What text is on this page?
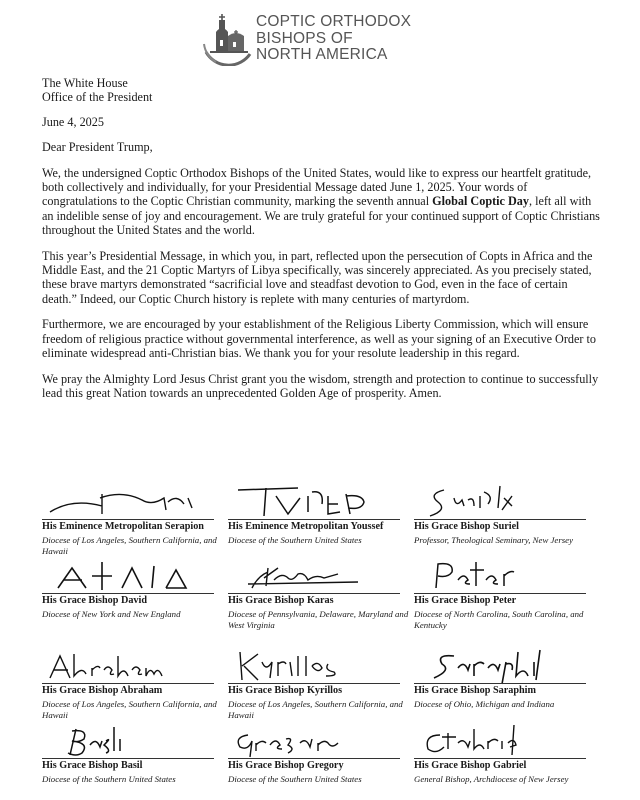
COPTIC ORTHODOX
BISHOPS OF
NORTH AMERICA

The White House
Office of the President

June 4, 2025

Dear President Trump,

We, the undersigned Coptic Orthodox Bishops of the United States, would like to express our heartfelt gratitude, both collectively and individually, for your Presidential Message dated June 1, 2025. Your words of congratulations to the Coptic Christian community, marking the seventh annual Global Coptic Day, left all with an indelible sense of joy and encouragement. We are truly grateful for your continued support of Coptic Christians throughout the United States and the world.

This year’s Presidential Message, in which you, in part, reflected upon the persecution of Copts in Africa and the Middle East, and the 21 Coptic Martyrs of Libya specifically, was sincerely appreciated. As you precisely stated, these brave martyrs demonstrated “sacrificial love and steadfast devotion to God, even in the face of certain death.” Indeed, our Coptic Church history is replete with many centuries of martyrdom.

Furthermore, we are encouraged by your establishment of the Religious Liberty Commission, which will ensure freedom of religious practice without governmental interference, as well as your signing of an Executive Order to eliminate widespread anti-Christian bias. We thank you for your resolute leadership in this regard.

We pray the Almighty Lord Jesus Christ grant you the wisdom, strength and protection to continue to successfully lead this great Nation towards an unprecedented Golden Age of prosperity. Amen.

His Eminence Metropolitan Serapion
Diocese of Los Angeles, Southern California, and Hawaii
His Eminence Metropolitan Youssef
Diocese of the Southern United States
His Grace Bishop Suriel
Professor, Theological Seminary, New Jersey
His Grace Bishop David
Diocese of New York and New England
His Grace Bishop Karas
Diocese of Pennsylvania, Delaware, Maryland and West Virginia
His Grace Bishop Peter
Diocese of North Carolina, South Carolina, and Kentucky
His Grace Bishop Abraham
Diocese of Los Angeles, Southern California, and Hawaii
His Grace Bishop Kyrillos
Diocese of Los Angeles, Southern California, and Hawaii
His Grace Bishop Saraphim
Diocese of Ohio, Michigan and Indiana
His Grace Bishop Basil
Diocese of the Southern United States
His Grace Bishop Gregory
Diocese of the Southern United States
His Grace Bishop Gabriel
General Bishop, Archdiocese of New Jersey
